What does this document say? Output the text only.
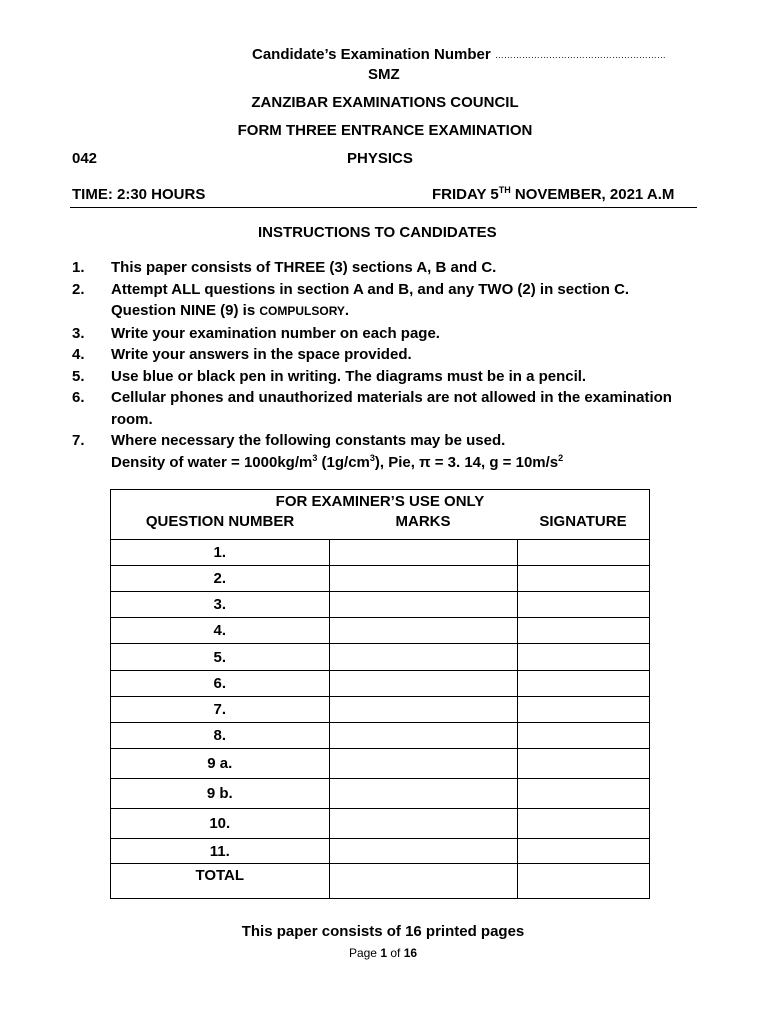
Candidate’s Examination Number …………………………………………………
SMZ
ZANZIBAR EXAMINATIONS COUNCIL
FORM THREE ENTRANCE EXAMINATION
042	PHYSICS
TIME: 2:30 HOURS	FRIDAY 5TH NOVEMBER, 2021 A.M
INSTRUCTIONS TO CANDIDATES
1. This paper consists of THREE (3) sections A, B and C.
2. Attempt ALL questions in section A and B, and any TWO (2) in section C. Question NINE (9) is COMPULSORY.
3. Write your examination number on each page.
4. Write your answers in the space provided.
5. Use blue or black pen in writing. The diagrams must be in a pencil.
6. Cellular phones and unauthorized materials are not allowed in the examination room.
7. Where necessary the following constants may be used.
Density of water = $1000kg/m^3$ $(1g/cm^3)$, Pie, π = 3. 14, $g = 10m/s^2$
FOR EXAMINER’S USE ONLY		
QUESTION NUMBER	MARKS	SIGNATURE
1.		
2.		
3.		
4.		
5.		
6.		
7.		
8.		
9 a.		
9 b.		
10.		
11.		
TOTAL		
This paper consists of 16 printed pages
Page 1 of 16
